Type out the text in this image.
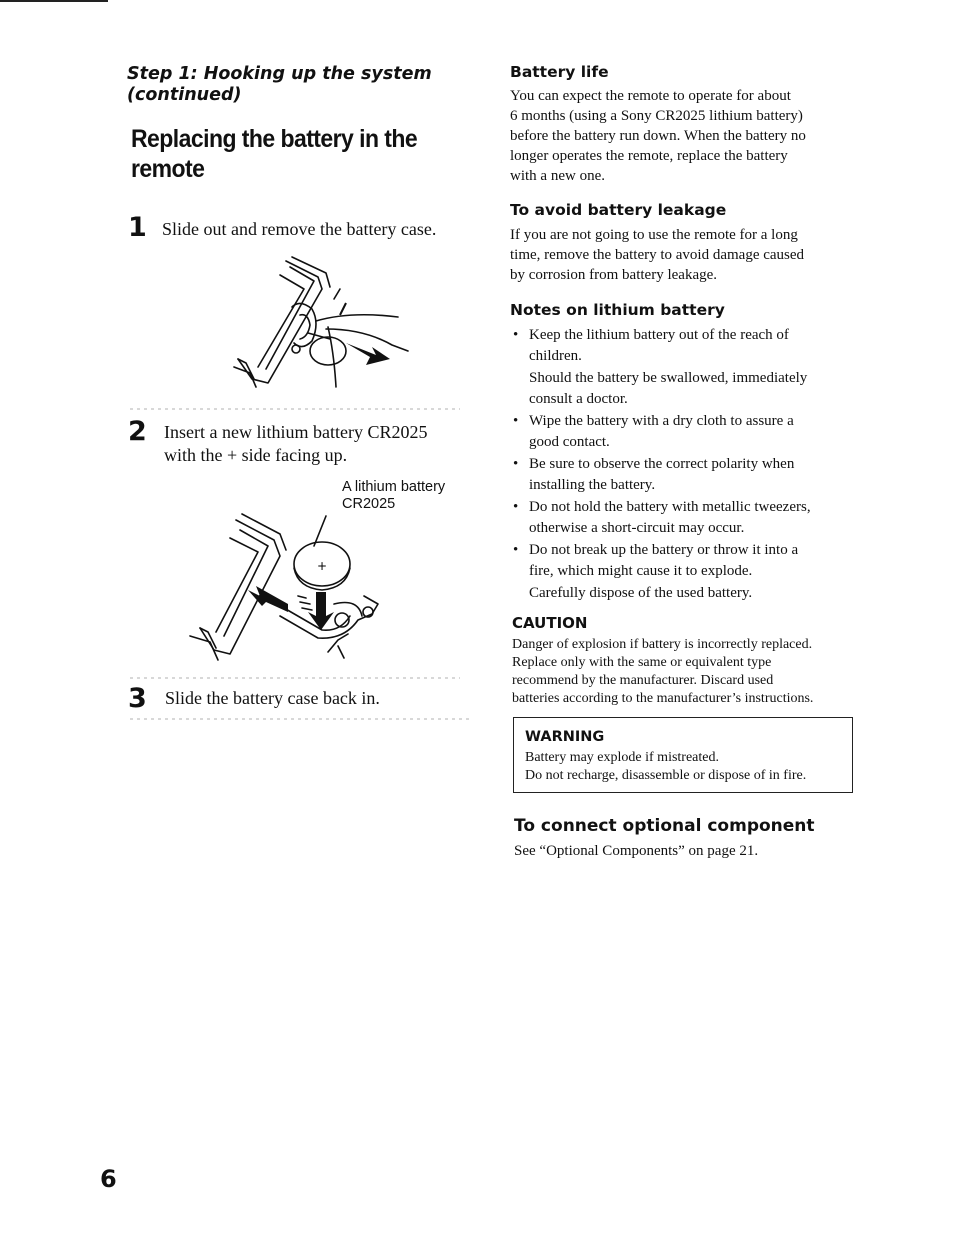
Step 1: Hooking up the system
(continued)
Replacing the battery in the
remote
1 Slide out and remove the battery case.
2 Insert a new lithium battery CR2025
with the + side facing up.
A lithium battery
CR2025
+
3 Slide the battery case back in.
Battery life
You can expect the remote to operate for about
6 months (using a Sony CR2025 lithium battery)
before the battery run down. When the battery no
longer operates the remote, replace the battery
with a new one.
To avoid battery leakage
If you are not going to use the remote for a long
time, remove the battery to avoid damage caused
by corrosion from battery leakage.
Notes on lithium battery
• Keep the lithium battery out of the reach of
children.
Should the battery be swallowed, immediately
consult a doctor.
• Wipe the battery with a dry cloth to assure a
good contact.
• Be sure to observe the correct polarity when
installing the battery.
• Do not hold the battery with metallic tweezers,
otherwise a short-circuit may occur.
• Do not break up the battery or throw it into a
fire, which might cause it to explode.
Carefully dispose of the used battery.
CAUTION
Danger of explosion if battery is incorrectly replaced.
Replace only with the same or equivalent type
recommend by the manufacturer. Discard used
batteries according to the manufacturer’s instructions.
WARNING
Battery may explode if mistreated.
Do not recharge, disassemble or dispose of in fire.
To connect optional component
See “Optional Components” on page 21.
6
